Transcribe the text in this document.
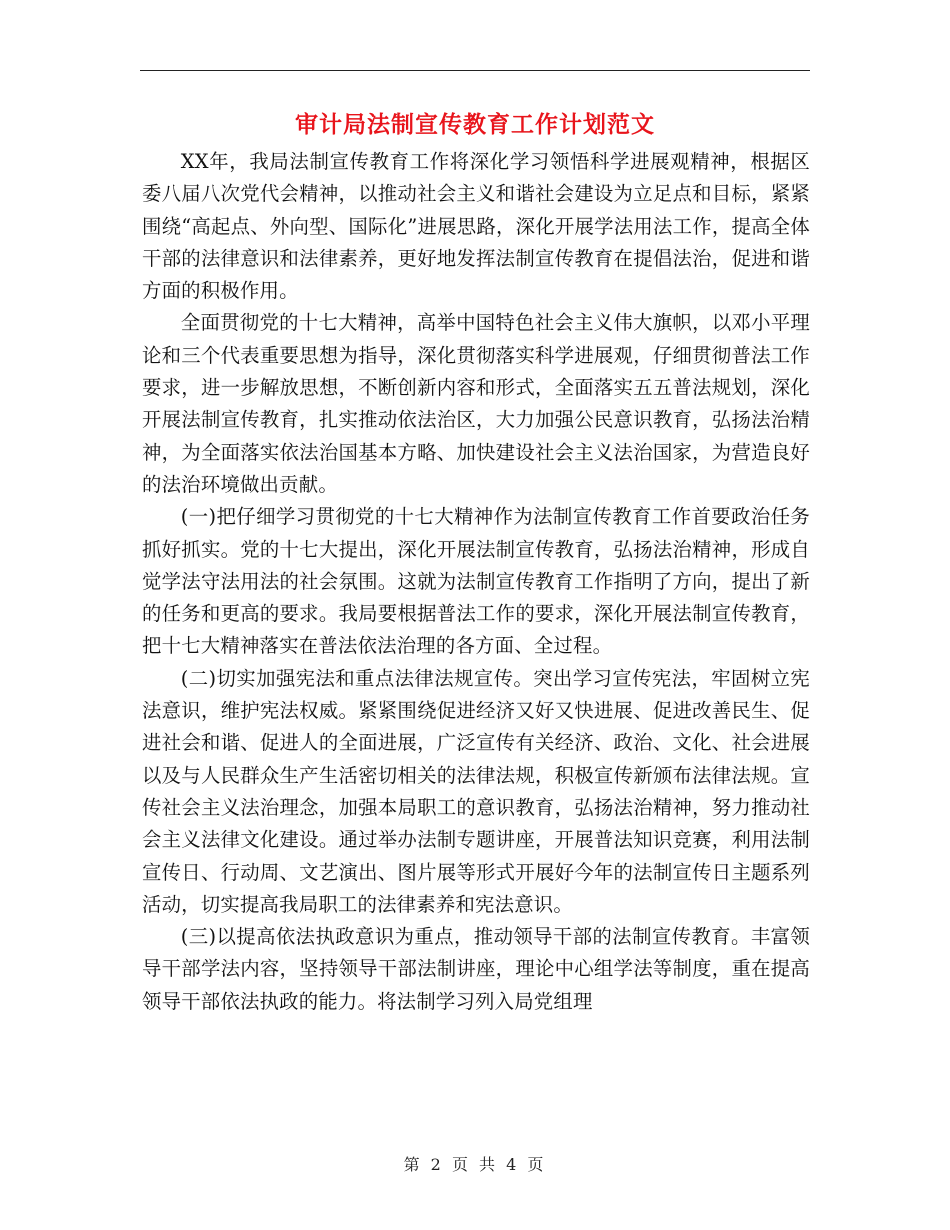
审计局法制宣传教育工作计划范文

XX年，我局法制宣传教育工作将深化学习领悟科学进展观精神，根据区委八届八次党代会精神，以推动社会主义和谐社会建设为立足点和目标，紧紧围绕“高起点、外向型、国际化”进展思路，深化开展学法用法工作，提高全体干部的法律意识和法律素养，更好地发挥法制宣传教育在提倡法治，促进和谐方面的积极作用。

全面贯彻党的十七大精神，高举中国特色社会主义伟大旗帜，以邓小平理论和三个代表重要思想为指导，深化贯彻落实科学进展观，仔细贯彻普法工作要求，进一步解放思想，不断创新内容和形式，全面落实五五普法规划，深化开展法制宣传教育，扎实推动依法治区，大力加强公民意识教育，弘扬法治精神，为全面落实依法治国基本方略、加快建设社会主义法治国家，为营造良好的法治环境做出贡献。

(一)把仔细学习贯彻党的十七大精神作为法制宣传教育工作首要政治任务抓好抓实。党的十七大提出，深化开展法制宣传教育，弘扬法治精神，形成自觉学法守法用法的社会氛围。这就为法制宣传教育工作指明了方向，提出了新的任务和更高的要求。我局要根据普法工作的要求，深化开展法制宣传教育，把十七大精神落实在普法依法治理的各方面、全过程。

(二)切实加强宪法和重点法律法规宣传。突出学习宣传宪法，牢固树立宪法意识，维护宪法权威。紧紧围绕促进经济又好又快进展、促进改善民生、促进社会和谐、促进人的全面进展，广泛宣传有关经济、政治、文化、社会进展以及与人民群众生产生活密切相关的法律法规，积极宣传新颁布法律法规。宣传社会主义法治理念，加强本局职工的意识教育，弘扬法治精神，努力推动社会主义法律文化建设。通过举办法制专题讲座，开展普法知识竞赛，利用法制宣传日、行动周、文艺演出、图片展等形式开展好今年的法制宣传日主题系列活动，切实提高我局职工的法律素养和宪法意识。

(三)以提高依法执政意识为重点，推动领导干部的法制宣传教育。丰富领导干部学法内容，坚持领导干部法制讲座，理论中心组学法等制度，重在提高领导干部依法执政的能力。将法制学习列入局党组理

第 2 页 共 4 页
